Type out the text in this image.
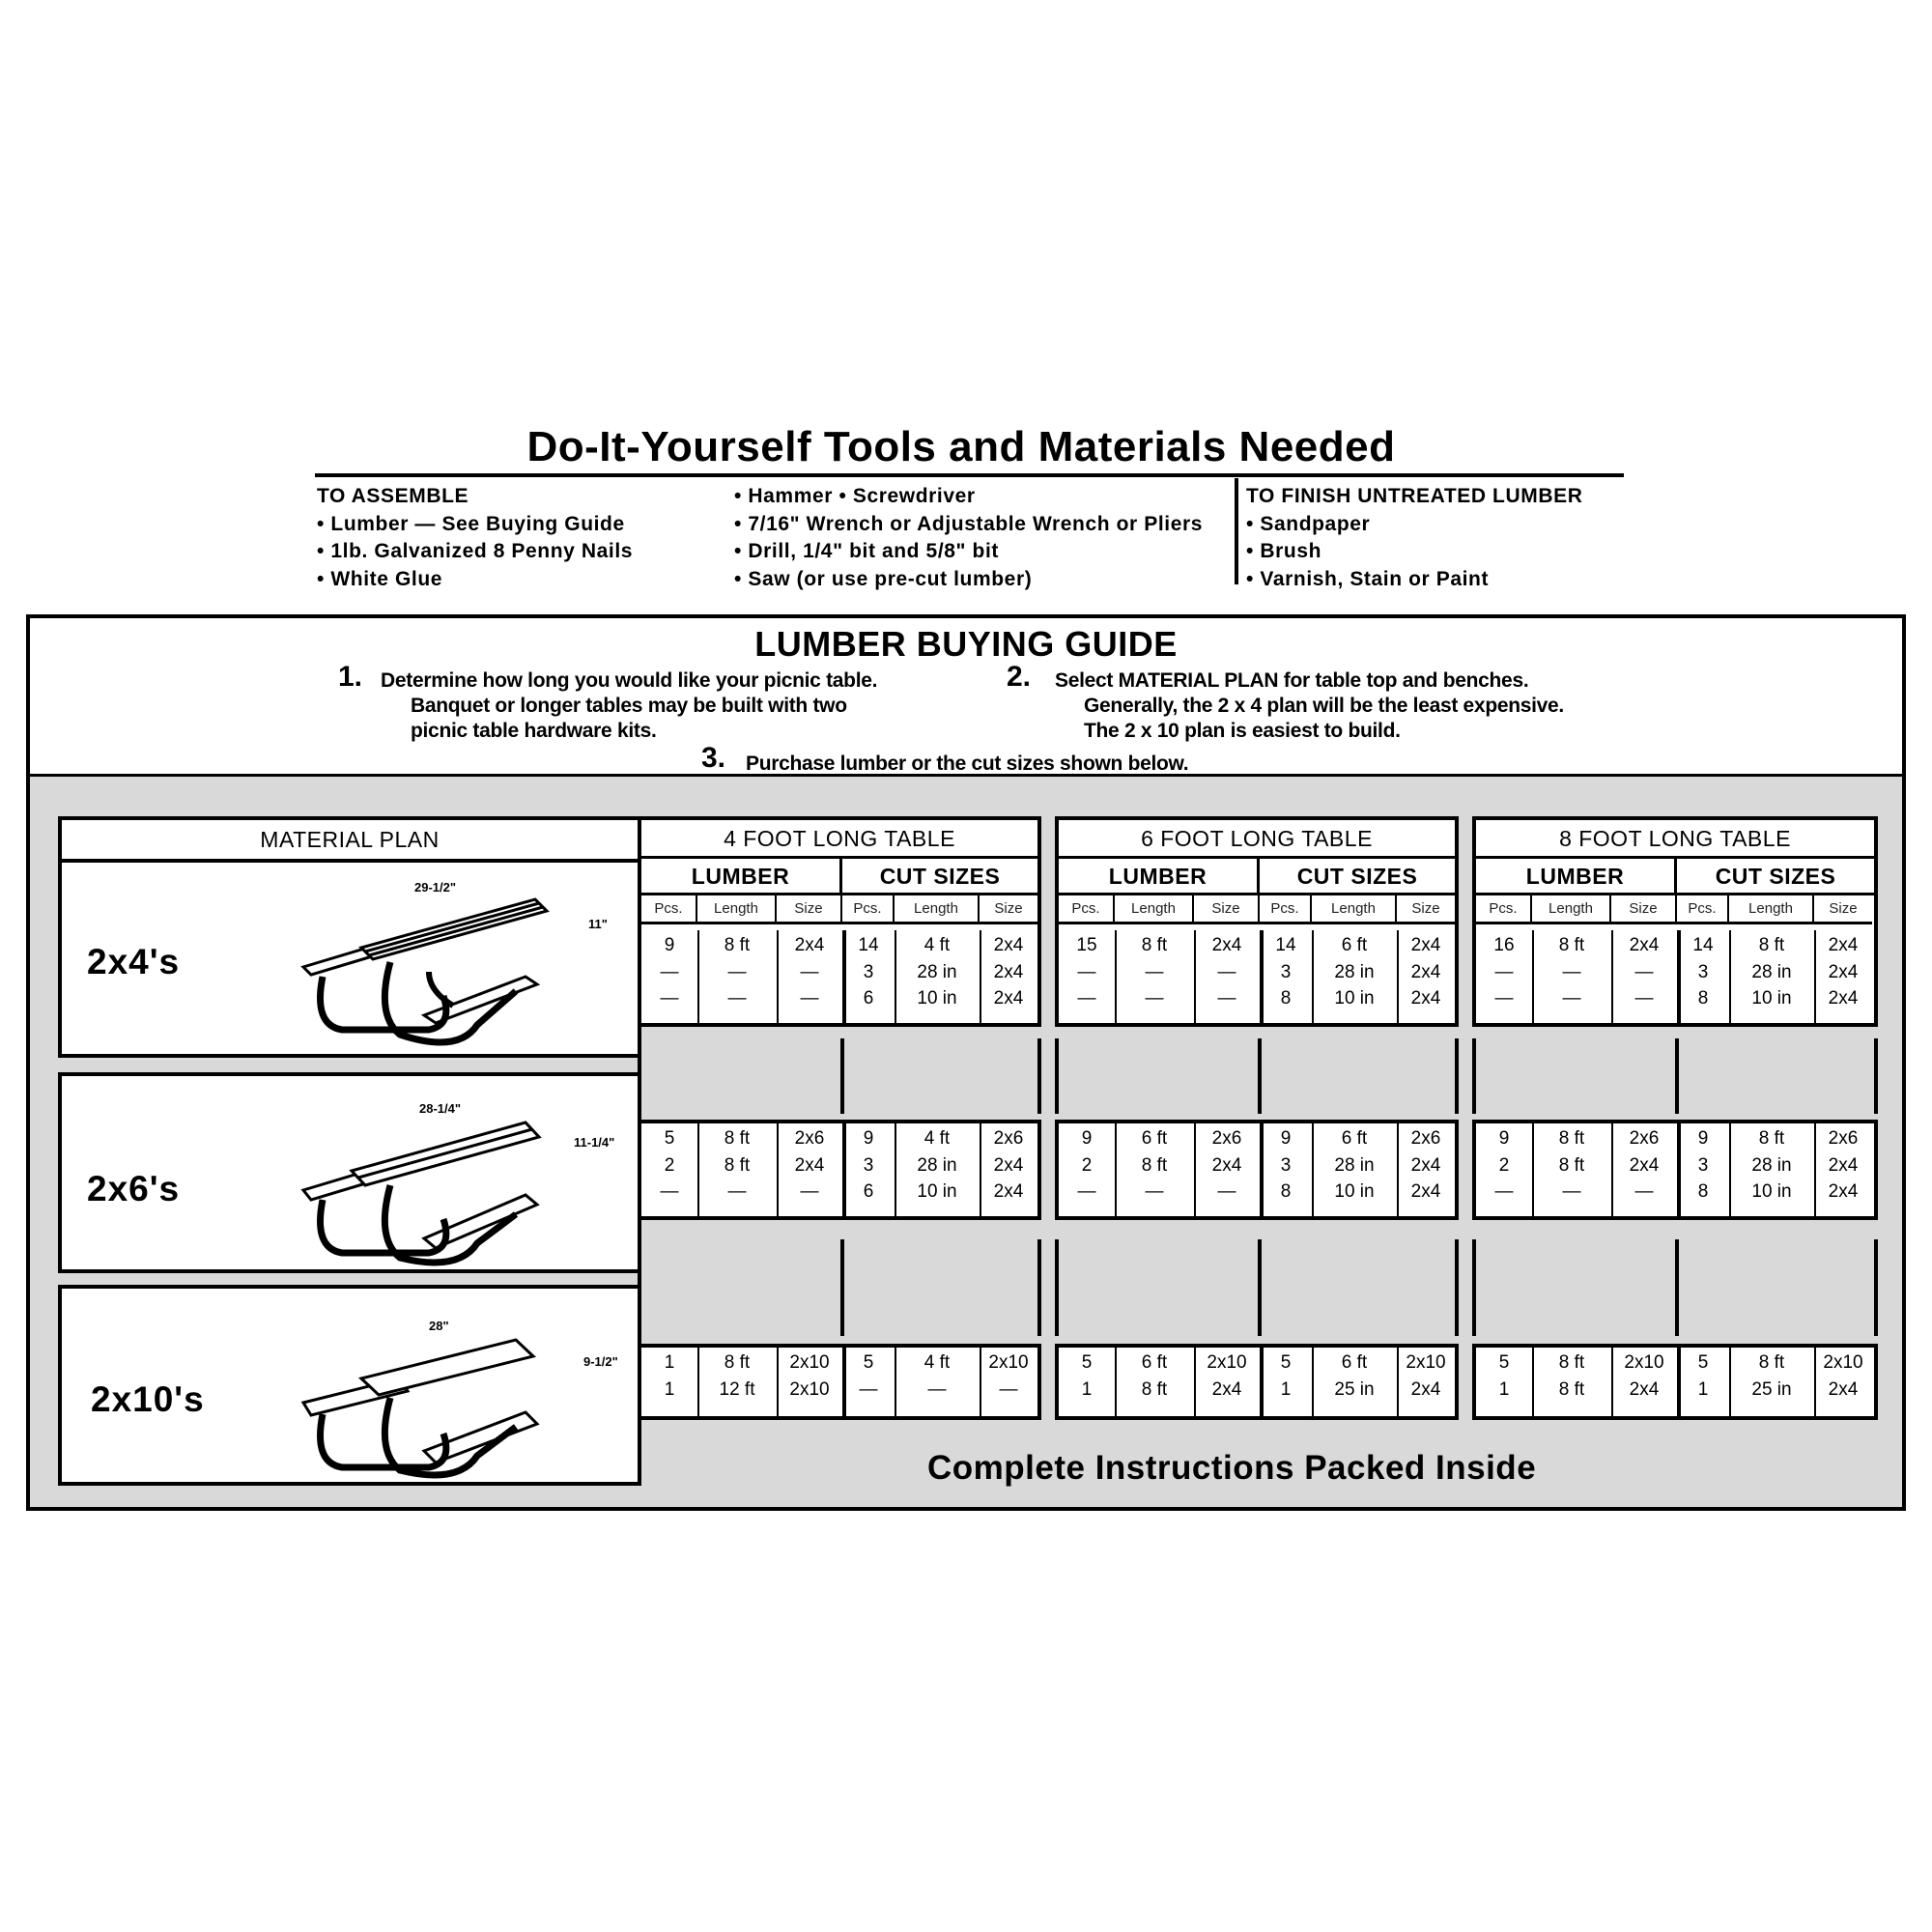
Do-It-Yourself Tools and Materials Needed
TO ASSEMBLE
• Lumber — See Buying Guide
• 1lb. Galvanized 8 Penny Nails
• White Glue
• Hammer • Screwdriver
• 7/16" Wrench or Adjustable Wrench or Pliers
• Drill, 1/4" bit and 5/8" bit
• Saw (or use pre-cut lumber)
TO FINISH UNTREATED LUMBER
• Sandpaper
• Brush
• Varnish, Stain or Paint
LUMBER BUYING GUIDE
1. Determine how long you would like your picnic table.
Banquet or longer tables may be built with two
picnic table hardware kits.
2. Select MATERIAL PLAN for table top and benches.
Generally, the 2 x 4 plan will be the least expensive.
The 2 x 10 plan is easiest to build.
3. Purchase lumber or the cut sizes shown below.
MATERIAL PLAN
2x4's
29-1/2"
11"
2x6's
28-1/4"
11-1/4"
2x10's
28"
9-1/2"
4 FOOT LONG TABLE
LUMBER	CUT SIZES
6 FOOT LONG TABLE
LUMBER	CUT SIZES
8 FOOT LONG TABLE
LUMBER	CUT SIZES
Pcs.	Length	Size	Pcs.	Length	Size
9	8 ft	2x4	14	4 ft	2x4
—	—	—	3	28 in	2x4
—	—	—	6	10 in	2x4
5	8 ft	2x6	9	4 ft	2x6
2	8 ft	2x4	3	28 in	2x4
—	—	—	6	10 in	2x4
1	8 ft	2x10	5	4 ft	2x10
1	12 ft	2x10	—	—	—
Pcs.	Length	Size	Pcs.	Length	Size
15	8 ft	2x4	14	6 ft	2x4
—	—	—	3	28 in	2x4
—	—	—	8	10 in	2x4
9	6 ft	2x6	9	6 ft	2x6
2	8 ft	2x4	3	28 in	2x4
—	—	—	8	10 in	2x4
5	6 ft	2x10	5	6 ft	2x10
1	8 ft	2x4	1	25 in	2x4
Pcs.	Length	Size	Pcs.	Length	Size
16	8 ft	2x4	14	8 ft	2x4
—	—	—	3	28 in	2x4
—	—	—	8	10 in	2x4
9	8 ft	2x6	9	8 ft	2x6
2	8 ft	2x4	3	28 in	2x4
—	—	—	8	10 in	2x4
5	8 ft	2x10	5	8 ft	2x10
1	8 ft	2x4	1	25 in	2x4
Complete Instructions Packed Inside
